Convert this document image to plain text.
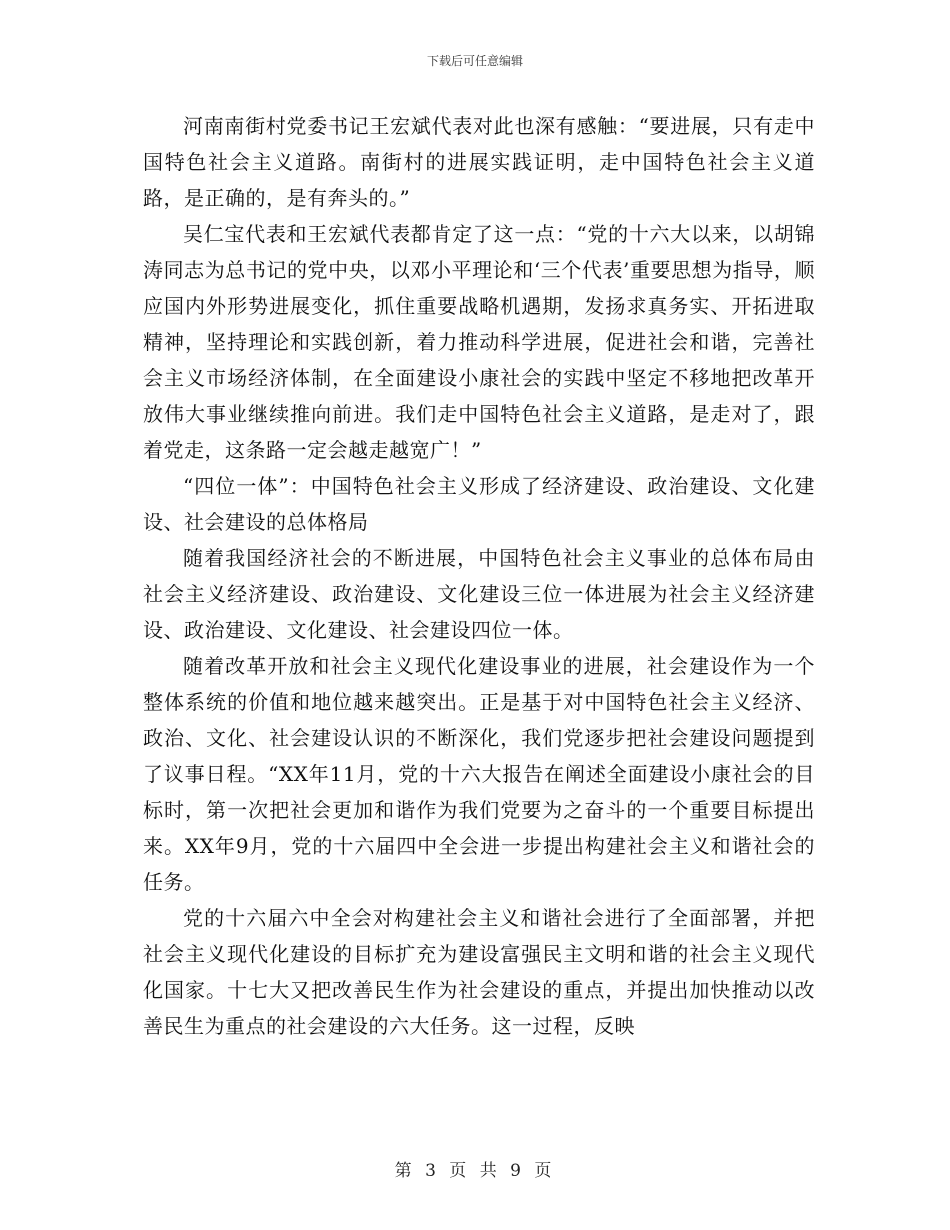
下载后可任意编辑

河南南街村党委书记王宏斌代表对此也深有感触：“要进展，只有走中国特色社会主义道路。南街村的进展实践证明，走中国特色社会主义道路，是正确的，是有奔头的。”

吴仁宝代表和王宏斌代表都肯定了这一点：“党的十六大以来，以胡锦涛同志为总书记的党中央，以邓小平理论和‘三个代表’重要思想为指导，顺应国内外形势进展变化，抓住重要战略机遇期，发扬求真务实、开拓进取精神，坚持理论和实践创新，着力推动科学进展，促进社会和谐，完善社会主义市场经济体制，在全面建设小康社会的实践中坚定不移地把改革开放伟大事业继续推向前进。我们走中国特色社会主义道路，是走对了，跟着党走，这条路一定会越走越宽广！”

“四位一体”：中国特色社会主义形成了经济建设、政治建设、文化建设、社会建设的总体格局

随着我国经济社会的不断进展，中国特色社会主义事业的总体布局由社会主义经济建设、政治建设、文化建设三位一体进展为社会主义经济建设、政治建设、文化建设、社会建设四位一体。

随着改革开放和社会主义现代化建设事业的进展，社会建设作为一个整体系统的价值和地位越来越突出。正是基于对中国特色社会主义经济、政治、文化、社会建设认识的不断深化，我们党逐步把社会建设问题提到了议事日程。“XX年11月，党的十六大报告在阐述全面建设小康社会的目标时，第一次把社会更加和谐作为我们党要为之奋斗的一个重要目标提出来。XX年9月，党的十六届四中全会进一步提出构建社会主义和谐社会的任务。

党的十六届六中全会对构建社会主义和谐社会进行了全面部署，并把社会主义现代化建设的目标扩充为建设富强民主文明和谐的社会主义现代化国家。十七大又把改善民生作为社会建设的重点，并提出加快推动以改善民生为重点的社会建设的六大任务。这一过程，反映

第 3 页 共 9 页
